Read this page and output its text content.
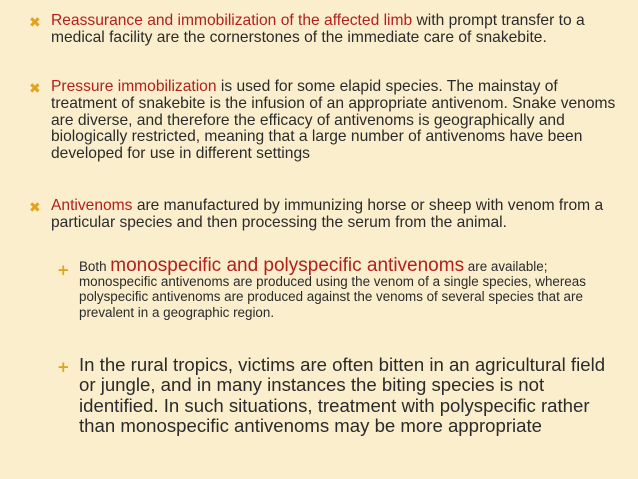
✖ Reassurance and immobilization of the affected limb with prompt transfer to a medical facility are the cornerstones of the immediate care of snakebite.
✖ Pressure immobilization is used for some elapid species. The mainstay of treatment of snakebite is the infusion of an appropriate antivenom. Snake venoms are diverse, and therefore the efficacy of antivenoms is geographically and biologically restricted, meaning that a large number of antivenoms have been developed for use in different settings
✖ Antivenoms are manufactured by immunizing horse or sheep with venom from a particular species and then processing the serum from the animal.
+ Both monospecific and polyspecific antivenoms are available; monospecific antivenoms are produced using the venom of a single species, whereas polyspecific antivenoms are produced against the venoms of several species that are prevalent in a geographic region.
+ In the rural tropics, victims are often bitten in an agricultural field or jungle, and in many instances the biting species is not identified. In such situations, treatment with polyspecific rather than monospecific antivenoms may be more appropriate
